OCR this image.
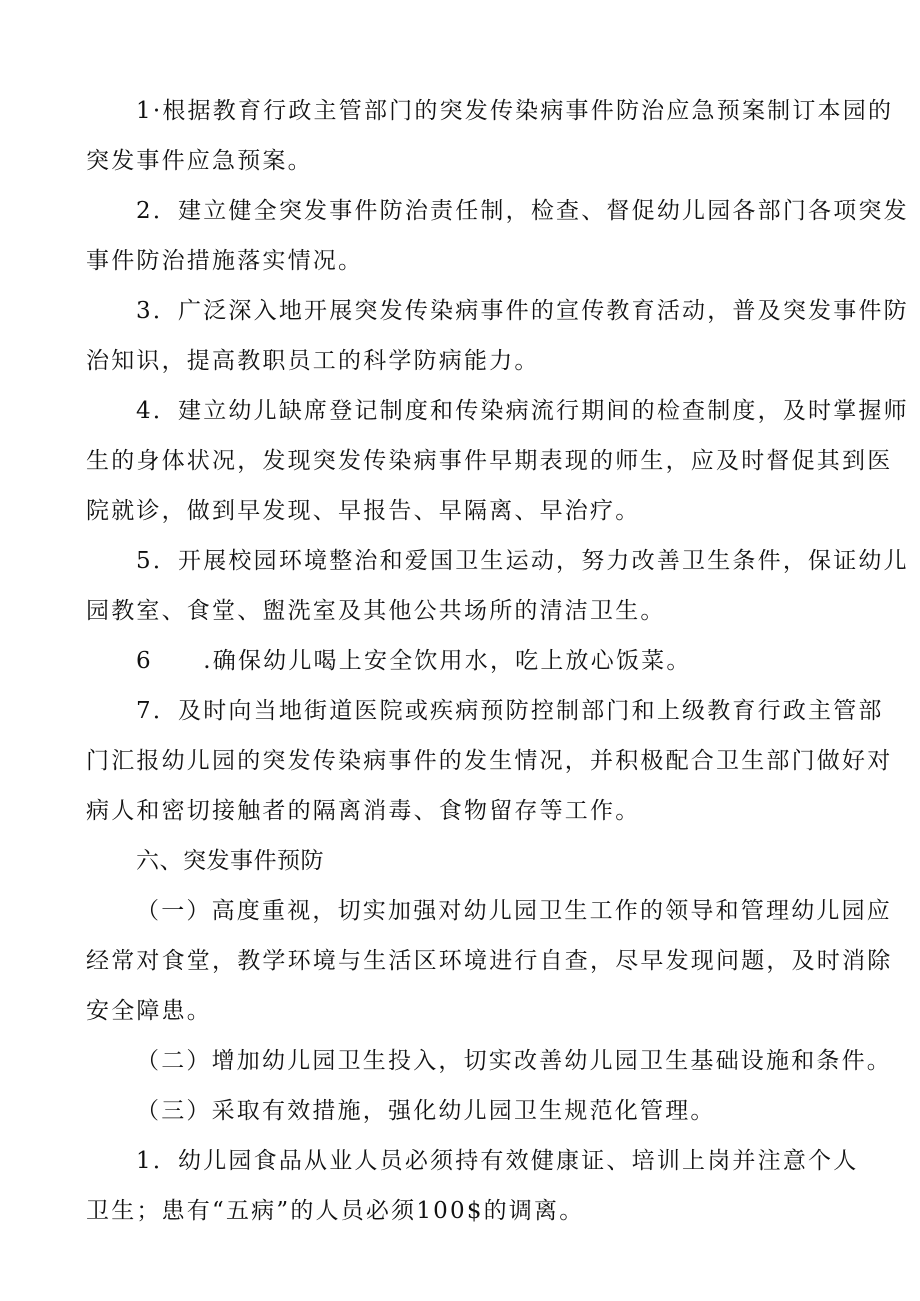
1·根据教育行政主管部门的突发传染病事件防治应急预案制订本园的
突发事件应急预案。
2．建立健全突发事件防治责任制，检查、督促幼儿园各部门各项突发
事件防治措施落实情况。
3．广泛深入地开展突发传染病事件的宣传教育活动，普及突发事件防
治知识，提高教职员工的科学防病能力。
4．建立幼儿缺席登记制度和传染病流行期间的检查制度，及时掌握师
生的身体状况，发现突发传染病事件早期表现的师生，应及时督促其到医
院就诊，做到早发现、早报告、早隔离、早治疗。
5．开展校园环境整治和爱国卫生运动，努力改善卫生条件，保证幼儿
园教室、食堂、盥洗室及其他公共场所的清洁卫生。
6　　.确保幼儿喝上安全饮用水，吃上放心饭菜。
7．及时向当地街道医院或疾病预防控制部门和上级教育行政主管部
门汇报幼儿园的突发传染病事件的发生情况，并积极配合卫生部门做好对
病人和密切接触者的隔离消毒、食物留存等工作。
六、突发事件预防
（一）高度重视，切实加强对幼儿园卫生工作的领导和管理幼儿园应
经常对食堂，教学环境与生活区环境进行自查，尽早发现问题，及时消除
安全障患。
（二）增加幼儿园卫生投入，切实改善幼儿园卫生基础设施和条件。
（三）采取有效措施，强化幼儿园卫生规范化管理。
1．幼儿园食品从业人员必须持有效健康证、培训上岗并注意个人
卫生；患有“五病”的人员必须100$的调离。
